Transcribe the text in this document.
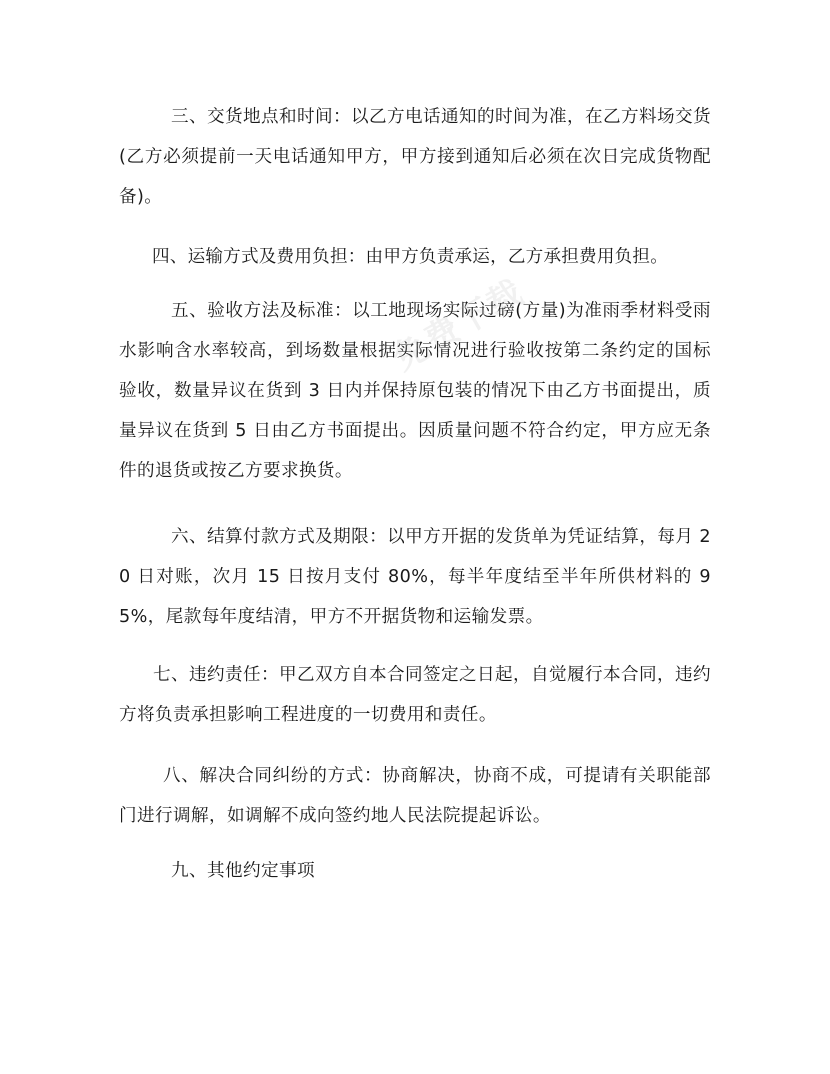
三、交货地点和时间：以乙方电话通知的时间为准，在乙方料场交货(乙方必须提前一天电话通知甲方，甲方接到通知后必须在次日完成货物配备)。

四、运输方式及费用负担：由甲方负责承运，乙方承担费用负担。

五、验收方法及标准：以工地现场实际过磅(方量)为准雨季材料受雨水影响含水率较高，到场数量根据实际情况进行验收按第二条约定的国标验收，数量异议在货到 3 日内并保持原包装的情况下由乙方书面提出，质量异议在货到 5 日由乙方书面提出。因质量问题不符合约定，甲方应无条件的退货或按乙方要求换货。

六、结算付款方式及期限：以甲方开据的发货单为凭证结算，每月 20 日对账，次月 15 日按月支付 80%，每半年度结至半年所供材料的 95%，尾款每年度结清，甲方不开据货物和运输发票。

七、违约责任：甲乙双方自本合同签定之日起，自觉履行本合同，违约方将负责承担影响工程进度的一切费用和责任。

八、解决合同纠纷的方式：协商解决，协商不成，可提请有关职能部门进行调解，如调解不成向签约地人民法院提起诉讼。

九、其他约定事项

免费下载
